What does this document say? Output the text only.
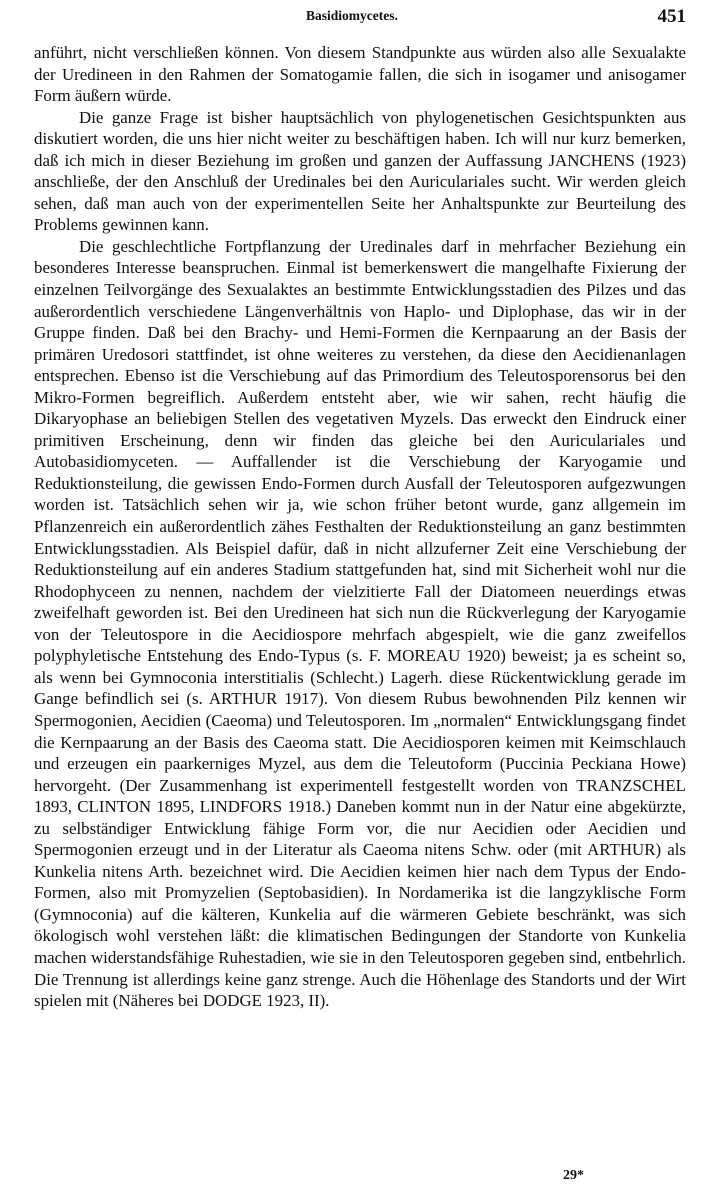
Basidiomycetes.	451

anführt, nicht verschließen können. Von diesem Standpunkte aus würden also alle Sexualakte der Uredineen in den Rahmen der Somatogamie fallen, die sich in isogamer und anisogamer Form äußern würde.

Die ganze Frage ist bisher hauptsächlich von phylogenetischen Gesichtspunkten aus diskutiert worden, die uns hier nicht weiter zu beschäftigen haben. Ich will nur kurz bemerken, daß ich mich in dieser Beziehung im großen und ganzen der Auffassung JANCHENS (1923) anschließe, der den Anschluß der Uredinales bei den Auriculariales sucht. Wir werden gleich sehen, daß man auch von der experimentellen Seite her Anhaltspunkte zur Beurteilung des Problems gewinnen kann.

Die geschlechtliche Fortpflanzung der Uredinales darf in mehrfacher Beziehung ein besonderes Interesse beanspruchen. Einmal ist bemerkenswert die mangelhafte Fixierung der einzelnen Teilvorgänge des Sexualaktes an bestimmte Entwicklungsstadien des Pilzes und das außerordentlich verschiedene Längenverhältnis von Haplo- und Diplophase, das wir in der Gruppe finden. Daß bei den Brachy- und Hemi-Formen die Kernpaarung an der Basis der primären Uredosori stattfindet, ist ohne weiteres zu verstehen, da diese den Aecidienanlagen entsprechen. Ebenso ist die Verschiebung auf das Primordium des Teleutosporensorus bei den Mikro-Formen begreiflich. Außerdem entsteht aber, wie wir sahen, recht häufig die Dikaryophase an beliebigen Stellen des vegetativen Myzels. Das erweckt den Eindruck einer primitiven Erscheinung, denn wir finden das gleiche bei den Auriculariales und Autobasidiomyceten. — Auffallender ist die Verschiebung der Karyogamie und Reduktionsteilung, die gewissen Endo-Formen durch Ausfall der Teleutosporen aufgezwungen worden ist. Tatsächlich sehen wir ja, wie schon früher betont wurde, ganz allgemein im Pflanzenreich ein außerordentlich zähes Festhalten der Reduktionsteilung an ganz bestimmten Entwicklungsstadien. Als Beispiel dafür, daß in nicht allzuferner Zeit eine Verschiebung der Reduktionsteilung auf ein anderes Stadium stattgefunden hat, sind mit Sicherheit wohl nur die Rhodophyceen zu nennen, nachdem der vielzitierte Fall der Diatomeen neuerdings etwas zweifelhaft geworden ist. Bei den Uredineen hat sich nun die Rückverlegung der Karyogamie von der Teleutospore in die Aecidiospore mehrfach abgespielt, wie die ganz zweifellos polyphyletische Entstehung des Endo-Typus (s. F. MOREAU 1920) beweist; ja es scheint so, als wenn bei Gymnoconia interstitialis (Schlecht.) Lagerh. diese Rückentwicklung gerade im Gange befindlich sei (s. ARTHUR 1917). Von diesem Rubus bewohnenden Pilz kennen wir Spermogonien, Aecidien (Caeoma) und Teleutosporen. Im „normalen“ Entwicklungsgang findet die Kernpaarung an der Basis des Caeoma statt. Die Aecidiosporen keimen mit Keimschlauch und erzeugen ein paarkerniges Myzel, aus dem die Teleutoform (Puccinia Peckiana Howe) hervorgeht. (Der Zusammenhang ist experimentell festgestellt worden von TRANZSCHEL 1893, CLINTON 1895, LINDFORS 1918.) Daneben kommt nun in der Natur eine abgekürzte, zu selbständiger Entwicklung fähige Form vor, die nur Aecidien oder Aecidien und Spermogonien erzeugt und in der Literatur als Caeoma nitens Schw. oder (mit ARTHUR) als Kunkelia nitens Arth. bezeichnet wird. Die Aecidien keimen hier nach dem Typus der Endo-Formen, also mit Promyzelien (Septobasidien). In Nordamerika ist die langzyklische Form (Gymnoconia) auf die kälteren, Kunkelia auf die wärmeren Gebiete beschränkt, was sich ökologisch wohl verstehen läßt: die klimatischen Bedingungen der Standorte von Kunkelia machen widerstandsfähige Ruhestadien, wie sie in den Teleutosporen gegeben sind, entbehrlich. Die Trennung ist allerdings keine ganz strenge. Auch die Höhenlage des Standorts und der Wirt spielen mit (Näheres bei DODGE 1923, II).

29*
